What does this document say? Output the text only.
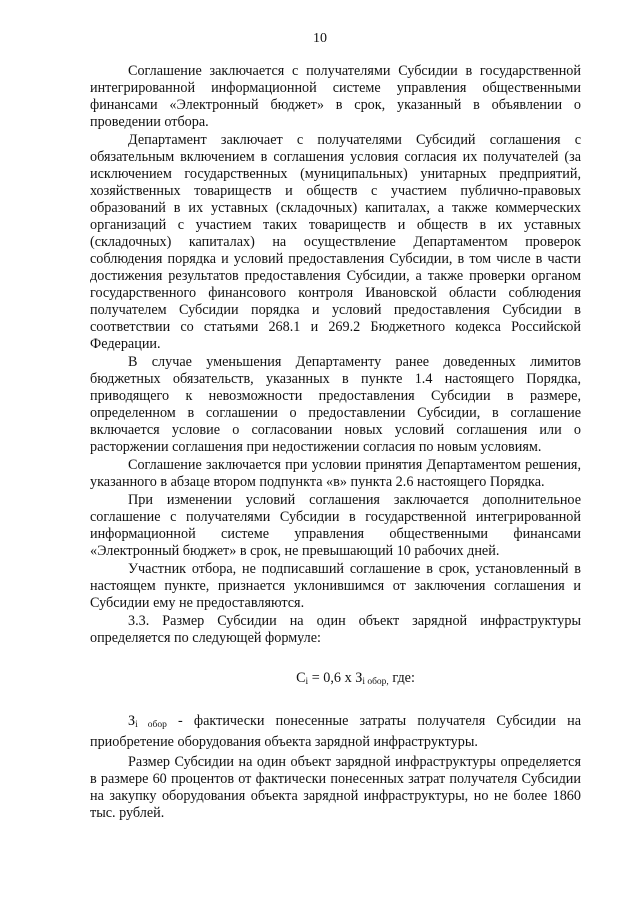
10

Соглашение заключается с получателями Субсидии в государственной интегрированной информационной системе управления общественными финансами «Электронный бюджет» в срок, указанный в объявлении о проведении отбора.

Департамент заключает с получателями Субсидий соглашения с обязательным включением в соглашения условия согласия их получателей (за исключением государственных (муниципальных) унитарных предприятий, хозяйственных товариществ и обществ с участием публично-правовых образований в их уставных (складочных) капиталах, а также коммерческих организаций с участием таких товариществ и обществ в их уставных (складочных) капиталах) на осуществление Департаментом проверок соблюдения порядка и условий предоставления Субсидии, в том числе в части достижения результатов предоставления Субсидии, а также проверки органом государственного финансового контроля Ивановской области соблюдения получателем Субсидии порядка и условий предоставления Субсидии в соответствии со статьями 268.1 и 269.2 Бюджетного кодекса Российской Федерации.

В случае уменьшения Департаменту ранее доведенных лимитов бюджетных обязательств, указанных в пункте 1.4 настоящего Порядка, приводящего к невозможности предоставления Субсидии в размере, определенном в соглашении о предоставлении Субсидии, в соглашение включается условие о согласовании новых условий соглашения или о расторжении соглашения при недостижении согласия по новым условиям.

Соглашение заключается при условии принятия Департаментом решения, указанного в абзаце втором подпункта «в» пункта 2.6 настоящего Порядка.

При изменении условий соглашения заключается дополнительное соглашение с получателями Субсидии в государственной интегрированной информационной системе управления общественными финансами «Электронный бюджет» в срок, не превышающий 10 рабочих дней.

Участник отбора, не подписавший соглашение в срок, установленный в настоящем пункте, признается уклонившимся от заключения соглашения и Субсидии ему не предоставляются.

3.3. Размер Субсидии на один объект зарядной инфраструктуры определяется по следующей формуле:

$C_i = 0,6$ х $З_{i обор,}$ где:

$З_{i обор}$ - фактически понесенные затраты получателя Субсидии на приобретение оборудования объекта зарядной инфраструктуры.

Размер Субсидии на один объект зарядной инфраструктуры определяется в размере 60 процентов от фактически понесенных затрат получателя Субсидии на закупку оборудования объекта зарядной инфраструктуры, но не более 1860 тыс. рублей.
